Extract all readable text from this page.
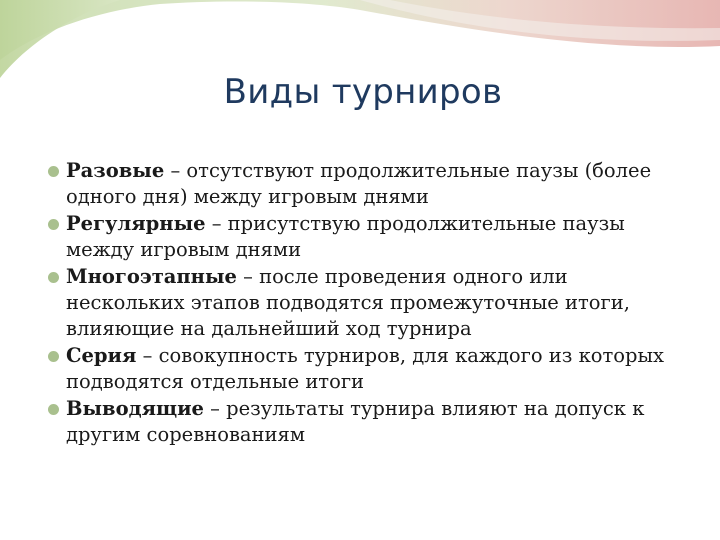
Виды турниров
Разовые – отсутствуют продолжительные паузы (более одного дня) между игровым днями
Регулярные – присутствую продолжительные паузы между игровым днями
Многоэтапные – после проведения одного или нескольких этапов подводятся промежуточные итоги, влияющие на дальнейший ход турнира
Серия – совокупность турниров, для каждого из которых подводятся отдельные итоги
Выводящие – результаты турнира влияют на допуск к другим соревнованиям
